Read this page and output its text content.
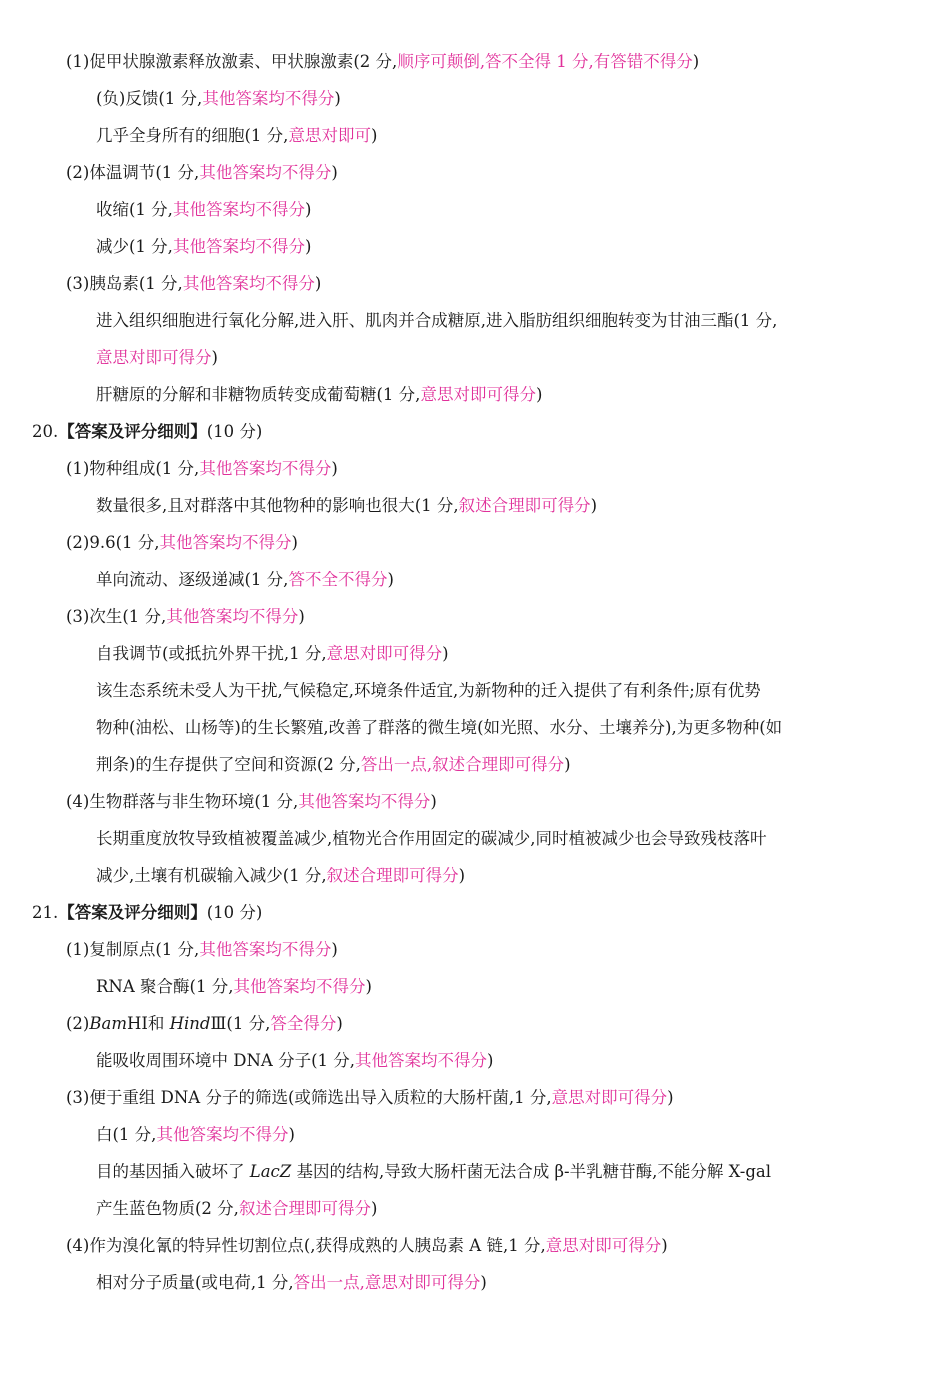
(1)促甲状腺激素释放激素、甲状腺激素(2 分,顺序可颠倒,答不全得 1 分,有答错不得分)
(负)反馈(1 分,其他答案均不得分)
几乎全身所有的细胞(1 分,意思对即可)
(2)体温调节(1 分,其他答案均不得分)
收缩(1 分,其他答案均不得分)
减少(1 分,其他答案均不得分)
(3)胰岛素(1 分,其他答案均不得分)
进入组织细胞进行氧化分解,进入肝、肌肉并合成糖原,进入脂肪组织细胞转变为甘油三酯(1 分,
意思对即可得分)
肝糖原的分解和非糖物质转变成葡萄糖(1 分,意思对即可得分)
20.【答案及评分细则】(10 分)
(1)物种组成(1 分,其他答案均不得分)
数量很多,且对群落中其他物种的影响也很大(1 分,叙述合理即可得分)
(2)9.6(1 分,其他答案均不得分)
单向流动、逐级递减(1 分,答不全不得分)
(3)次生(1 分,其他答案均不得分)
自我调节(或抵抗外界干扰,1 分,意思对即可得分)
该生态系统未受人为干扰,气候稳定,环境条件适宜,为新物种的迁入提供了有利条件;原有优势
物种(油松、山杨等)的生长繁殖,改善了群落的微生境(如光照、水分、土壤养分),为更多物种(如
荆条)的生存提供了空间和资源(2 分,答出一点,叙述合理即可得分)
(4)生物群落与非生物环境(1 分,其他答案均不得分)
长期重度放牧导致植被覆盖减少,植物光合作用固定的碳减少,同时植被减少也会导致残枝落叶
减少,土壤有机碳输入减少(1 分,叙述合理即可得分)
21.【答案及评分细则】(10 分)
(1)复制原点(1 分,其他答案均不得分)
RNA 聚合酶(1 分,其他答案均不得分)
(2)BamHⅠ和 HindⅢ(1 分,答全得分)
能吸收周围环境中 DNA 分子(1 分,其他答案均不得分)
(3)便于重组 DNA 分子的筛选(或筛选出导入质粒的大肠杆菌,1 分,意思对即可得分)
白(1 分,其他答案均不得分)
目的基因插入破坏了 LacZ 基因的结构,导致大肠杆菌无法合成 β-半乳糖苷酶,不能分解 X-gal
产生蓝色物质(2 分,叙述合理即可得分)
(4)作为溴化氰的特异性切割位点(,获得成熟的人胰岛素 A 链,1 分,意思对即可得分)
相对分子质量(或电荷,1 分,答出一点,意思对即可得分)
